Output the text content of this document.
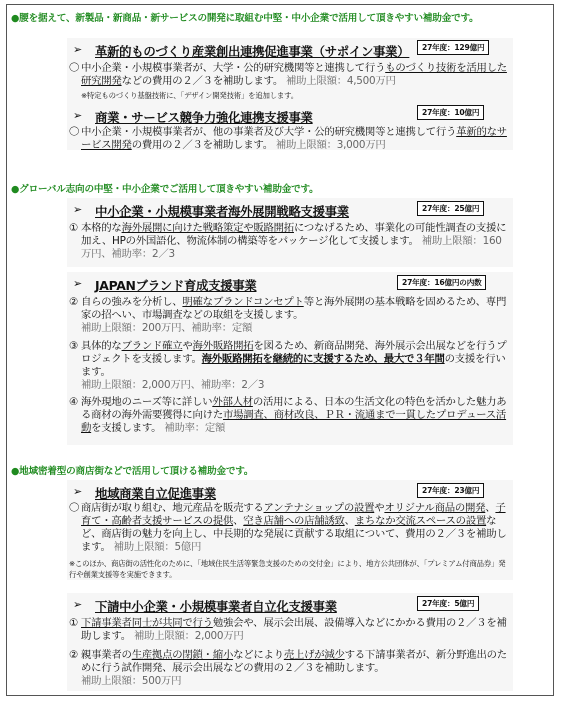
●腰を据えて、新製品・新商品・新サービスの開発に取組む中堅・中小企業で活用して頂きやすい補助金です。
➢ 革新的ものづくり産業創出連携促進事業（サポイン事業）	27年度：129億円
〇 中小企業・小規模事業者が、大学・公的研究機関等と連携して行うものづくり技術を活用した研究開発などの費用の２／３を補助します。 補助上限額：4,500万円
※特定ものづくり基盤技術に、「デザイン開発技術」を追加します。
➢ 商業・サービス競争力強化連携支援事業	27年度：10億円
〇 中小企業・小規模事業者が、他の事業者及び大学・公的研究機関等と連携して行う革新的なサービス開発の費用の２／３を補助します。 補助上限額：3,000万円
●グローバル志向の中堅・中小企業でご活用して頂きやすい補助金です。
➢ 中小企業・小規模事業者海外展開戦略支援事業	27年度：25億円
① 本格的な海外展開に向けた戦略策定や販路開拓につなげるため、事業化の可能性調査の支援に加え、HPの外国語化、物流体制の構築等をパッケージ化して支援します。 補助上限額：160万円、補助率：2／3
➢ JAPANブランド育成支援事業	27年度：16億円の内数
② 自らの強みを分析し、明確なブランドコンセプト等と海外展開の基本戦略を固めるため、専門家の招へい、市場調査などの取組を支援します。
補助上限額：200万円、補助率：定額
③ 具体的なブランド確立や海外販路開拓を図るため、新商品開発、海外展示会出展などを行うプロジェクトを支援します。海外販路開拓を継続的に支援するため、最大で３年間の支援を行います。
補助上限額：2,000万円、補助率：2／3
④ 海外現地のニーズ等に詳しい外部人材の活用による、日本の生活文化の特色を活かした魅力ある商材の海外需要獲得に向けた市場調査、商材改良、ＰＲ・流通まで一貫したプロデュース活動を支援します。 補助率：定額
●地域密着型の商店街などで活用して頂ける補助金です。
➢ 地域商業自立促進事業	27年度：23億円
〇 商店街が取り組む、地元産品を販売するアンテナショップの設置やオリジナル商品の開発、子育て・高齢者支援サービスの提供、空き店舗への店舗誘致、まちなか交流スペースの設置など、商店街の魅力を向上し、中長期的な発展に貢献する取組について、費用の２／３を補助します。 補助上限額：5億円
※このほか、商店街の活性化のために、「地域住民生活等緊急支援のための交付金」により、地方公共団体が、「プレミアム付商品券」発行や創業支援等を実施できます。
➢ 下請中小企業・小規模事業者自立化支援事業	27年度：5億円
① 下請事業者同士が共同で行う勉強会や、展示会出展、設備導入などにかかる費用の２／３を補助します。 補助上限額：2,000万円
② 親事業者の生産拠点の閉鎖・縮小などにより売上げが減少する下請事業者が、新分野進出のために行う試作開発、展示会出展などの費用の２／３を補助します。
補助上限額：500万円
